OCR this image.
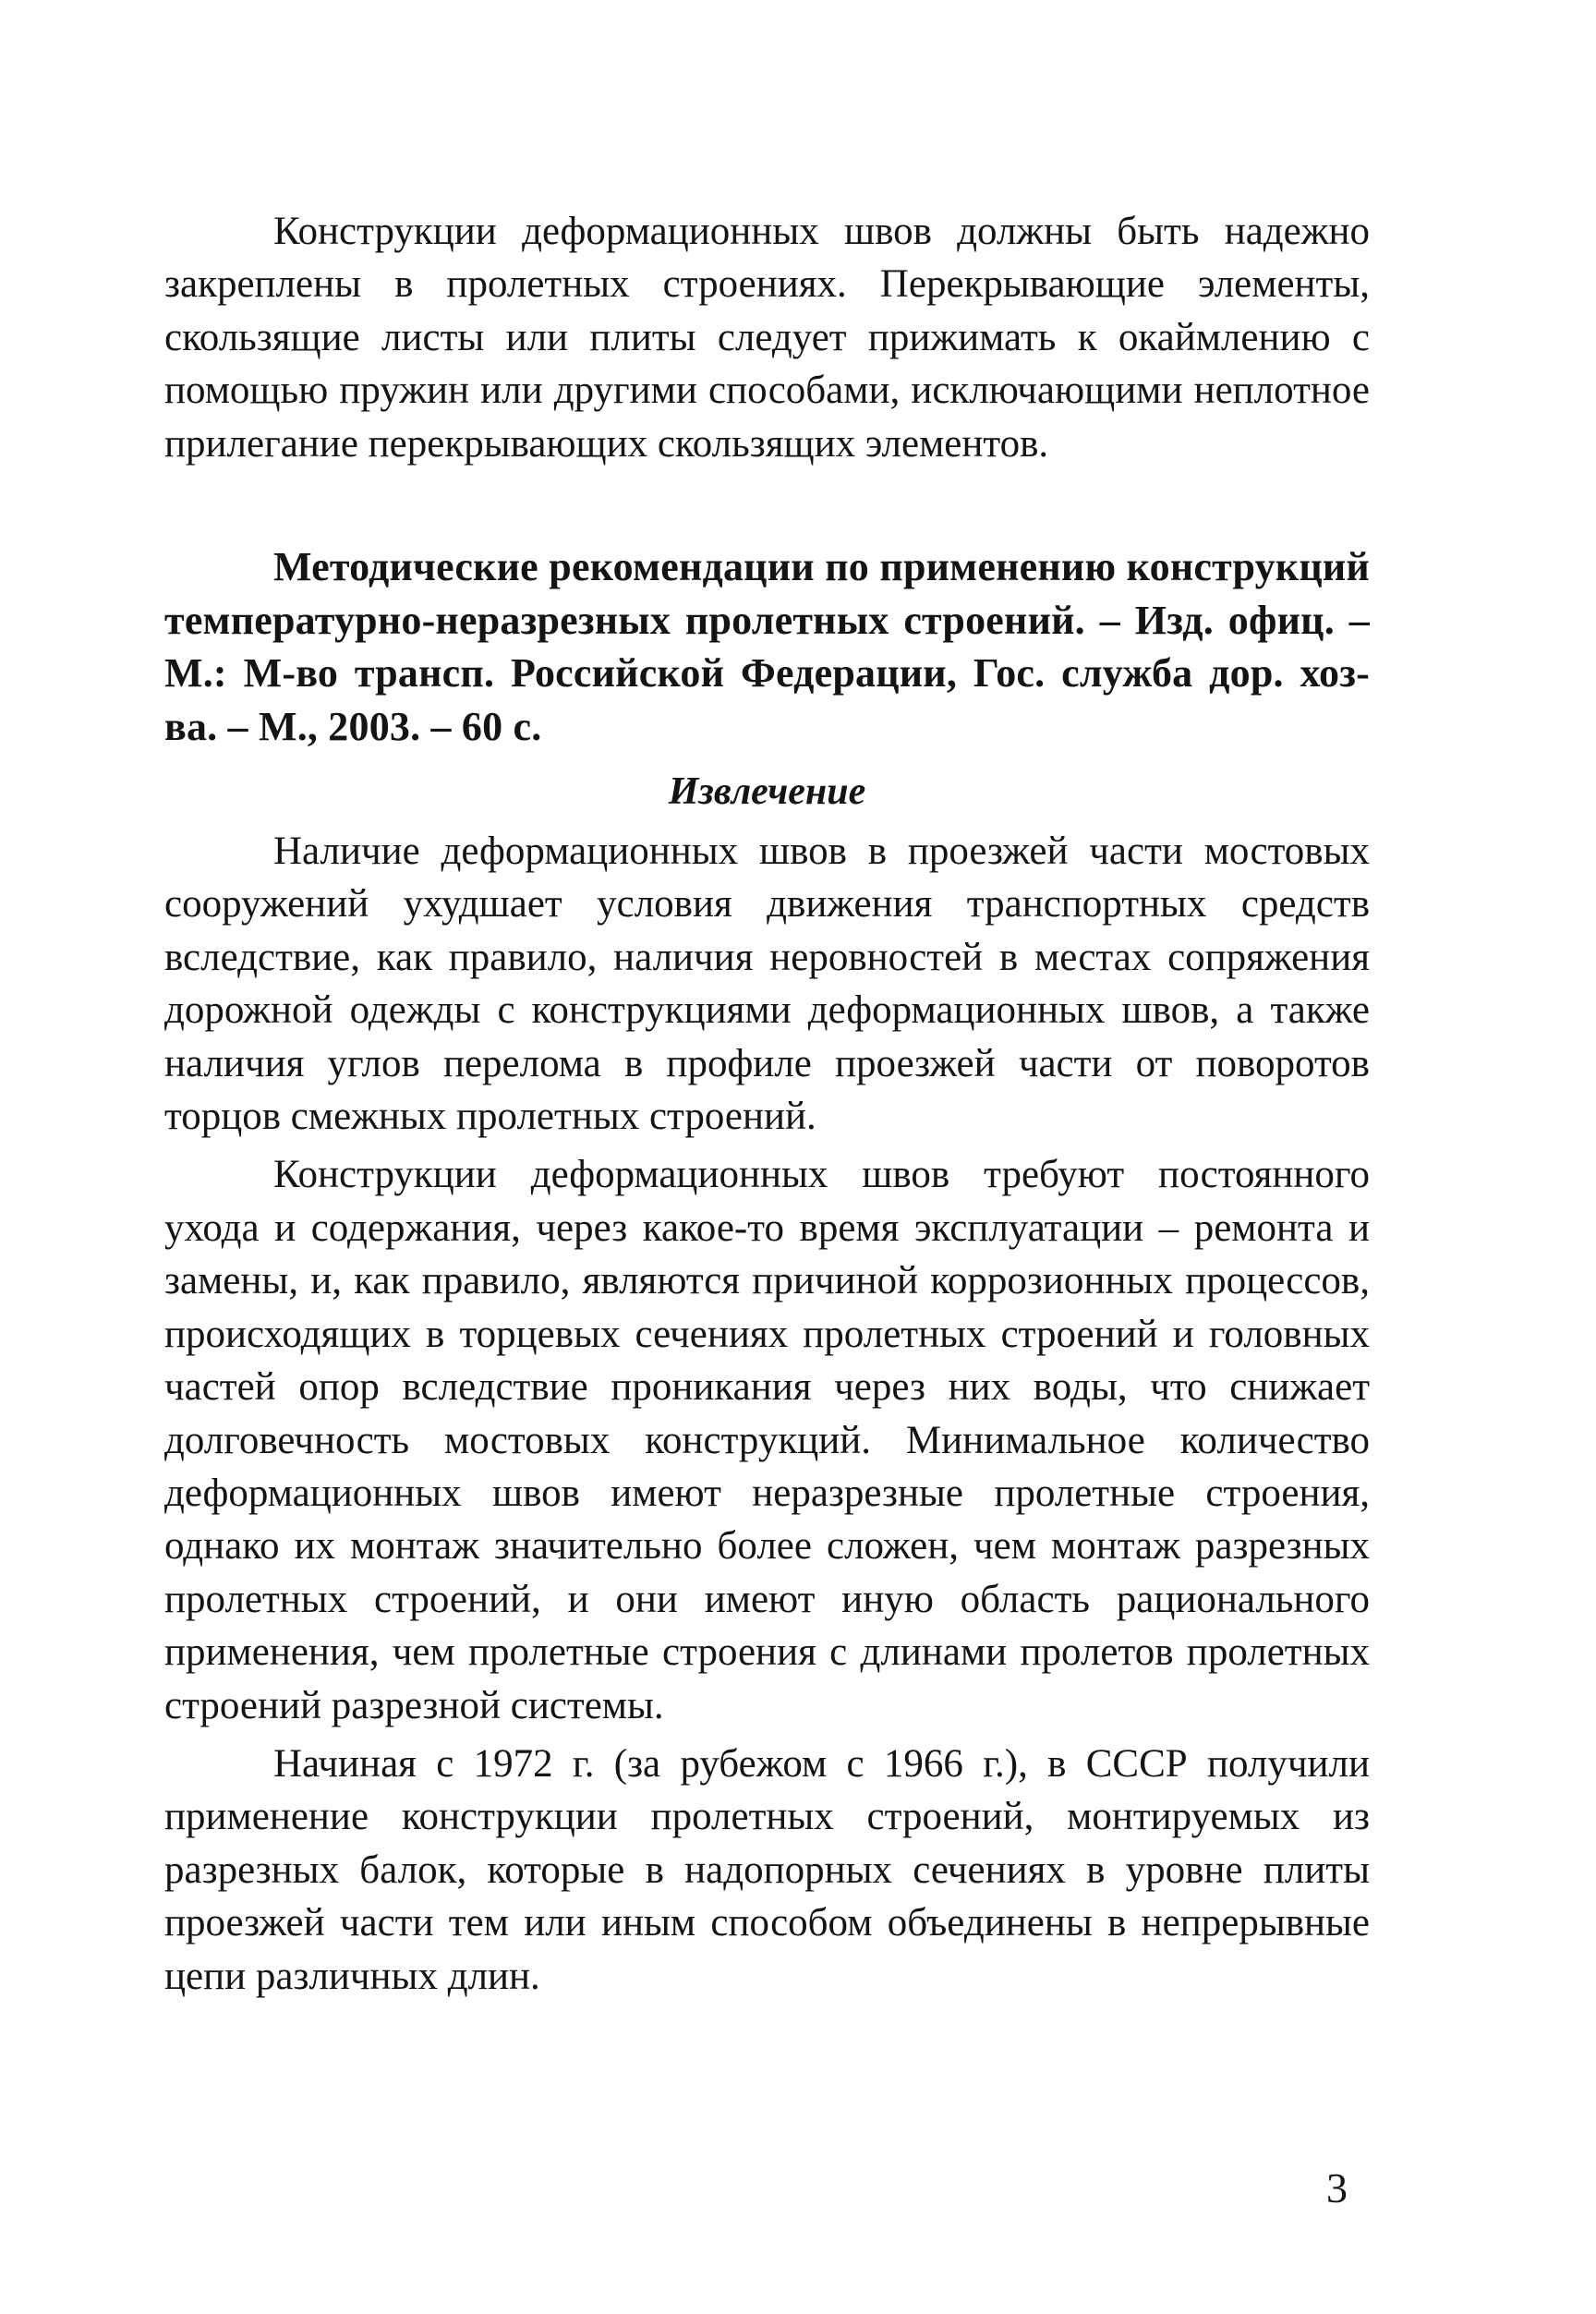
Конструкции деформационных швов должны быть надежно закреплены в пролетных строениях. Перекрывающие элементы, скользящие листы или плиты следует прижимать к окаймлению с помощью пружин или другими способами, исключающими неплотное прилегание перекрывающих скользящих элементов.

Методические рекомендации по применению конструкций температурно-неразрезных пролетных строений. – Изд. офиц. – М.: М-во трансп. Российской Федерации, Гос. служба дор. хоз-ва. – М., 2003. – 60 с.

Извлечение

Наличие деформационных швов в проезжей части мостовых сооружений ухудшает условия движения транспортных средств вследствие, как правило, наличия неровностей в местах сопряжения дорожной одежды с конструкциями деформационных швов, а также наличия углов перелома в профиле проезжей части от поворотов торцов смежных пролетных строений.

Конструкции деформационных швов требуют постоянного ухода и содержания, через какое-то время эксплуатации – ремонта и замены, и, как правило, являются причиной коррозионных процессов, происходящих в торцевых сечениях пролетных строений и головных частей опор вследствие проникания через них воды, что снижает долговечность мостовых конструкций. Минимальное количество деформационных швов имеют неразрезные пролетные строения, однако их монтаж значительно более сложен, чем монтаж разрезных пролетных строений, и они имеют иную область рационального применения, чем пролетные строения с длинами пролетов пролетных строений разрезной системы.

Начиная с 1972 г. (за рубежом с 1966 г.), в СССР получили применение конструкции пролетных строений, монтируемых из разрезных балок, которые в надопорных сечениях в уровне плиты проезжей части тем или иным способом объединены в непрерывные цепи различных длин.

3
